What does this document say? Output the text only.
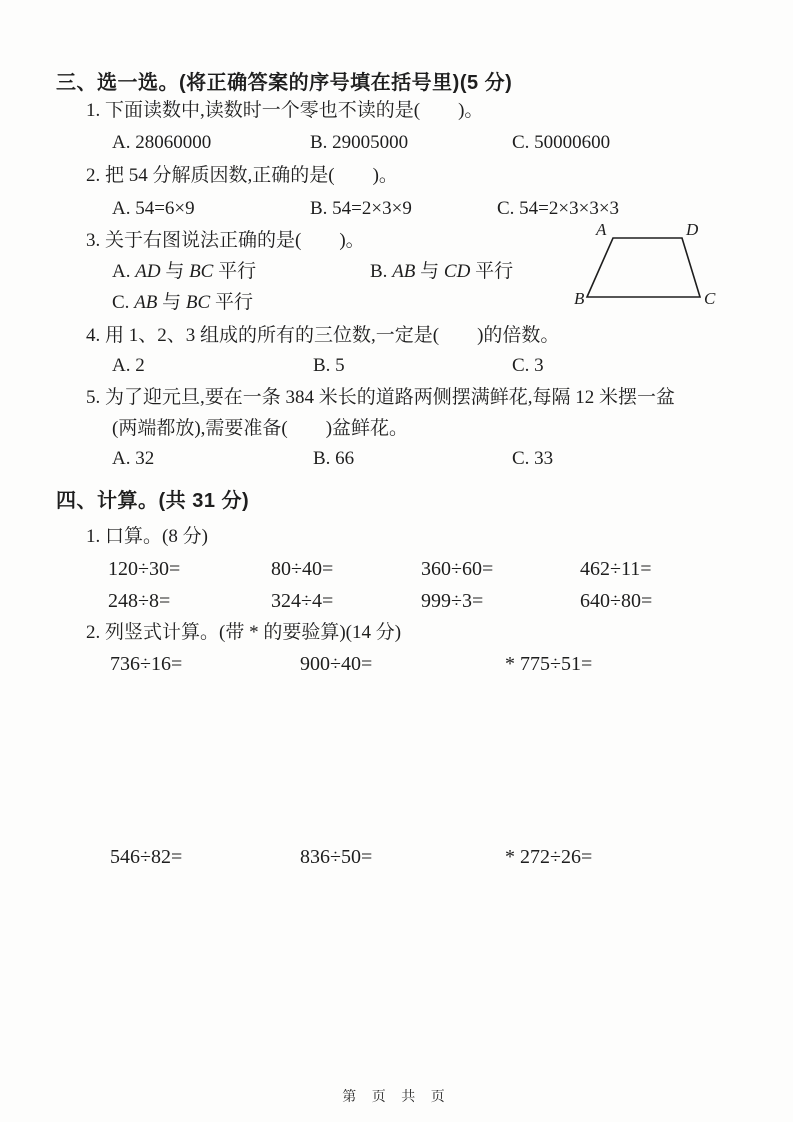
三、选一选。(将正确答案的序号填在括号里)(5 分)
1. 下面读数中,读数时一个零也不读的是(　　)。
A. 28060000	B. 29005000	C. 50000600
2. 把 54 分解质因数,正确的是(　　)。
A. 54=6×9	B. 54=2×3×9	C. 54=2×3×3×3
3. 关于右图说法正确的是(　　)。
A. AD 与 BC 平行	B. AB 与 CD 平行
C. AB 与 BC 平行
A	D
B	C
4. 用 1、2、3 组成的所有的三位数,一定是(　　)的倍数。
A. 2	B. 5	C. 3
5. 为了迎元旦,要在一条 384 米长的道路两侧摆满鲜花,每隔 12 米摆一盆
(两端都放),需要准备(　　)盆鲜花。
A. 32	B. 66	C. 33
四、计算。(共 31 分)
1. 口算。(8 分)
120÷30=	80÷40=	360÷60=	462÷11=
248÷8=	324÷4=	999÷3=	640÷80=
2. 列竖式计算。(带 * 的要验算)(14 分)
736÷16=	900÷40=	* 775÷51=
546÷82=	836÷50=	* 272÷26=
第 页 共 页
